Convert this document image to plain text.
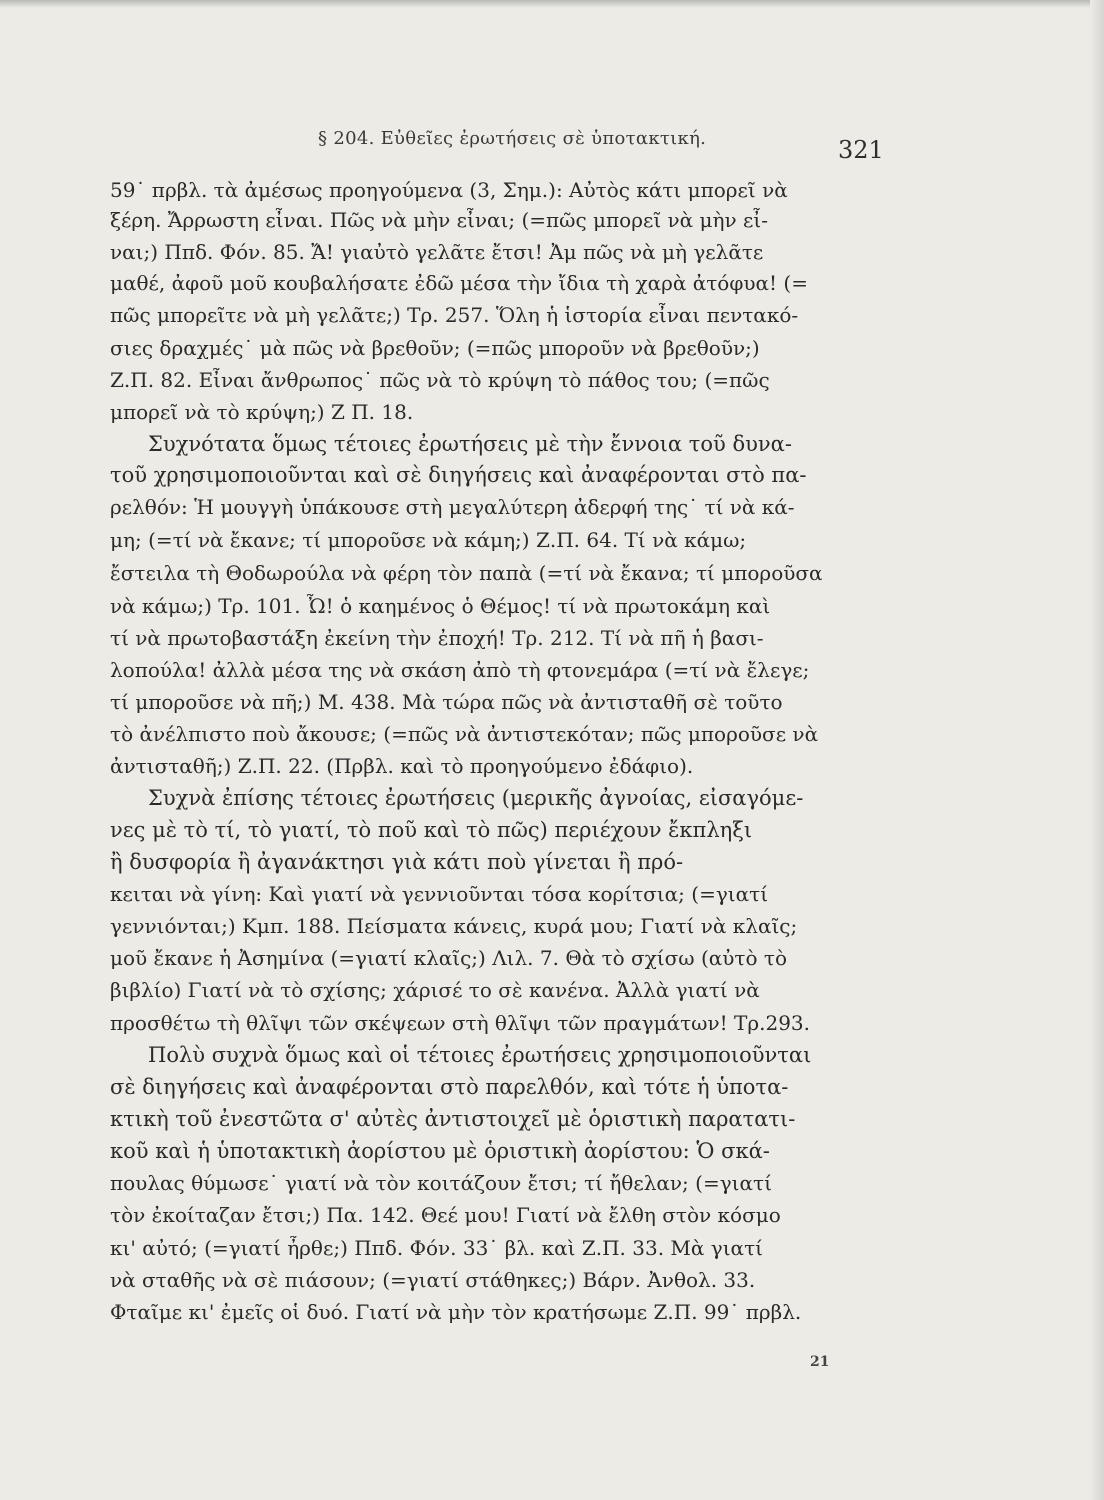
§ 204. Εὐθεῖες ἐρωτήσεις σὲ ὑποτακτική.	321
59˙ πρβλ. τὰ ἀμέσως προηγούμενα (3, Σημ.): Αὐτὸς κάτι μπορεῖ νὰ
ξέρη. Ἄρρωστη εἶναι. Πῶς νὰ μὴν εἶναι; (=πῶς μπορεῖ νὰ μὴν εἶ-
ναι;) Ππδ. Φόν. 85. Ἄ! γιαὐτὸ γελᾶτε ἔτσι! Ἀμ πῶς νὰ μὴ γελᾶτε
μαθέ, ἀφοῦ μοῦ κουβαλήσατε ἐδῶ μέσα τὴν ἴδια τὴ χαρὰ ἀτόφυα! (=
πῶς μπορεῖτε νὰ μὴ γελᾶτε;) Τρ. 257. Ὅλη ἡ ἱστορία εἶναι πεντακό-
σιες δραχμές˙ μὰ πῶς νὰ βρεθοῦν; (=πῶς μποροῦν νὰ βρεθοῦν;)
Ζ.Π. 82. Εἶναι ἄνθρωπος˙ πῶς νὰ τὸ κρύψη τὸ πάθος του; (=πῶς
μπορεῖ νὰ τὸ κρύψη;) Ζ Π. 18.
Συχνότατα ὅμως τέτοιες ἐρωτήσεις μὲ τὴν ἔννοια τοῦ δυνα-
τοῦ χρησιμοποιοῦνται καὶ σὲ διηγήσεις καὶ ἀναφέρονται στὸ πα-
ρελθόν: Ἡ μουγγὴ ὑπάκουσε στὴ μεγαλύτερη ἀδερφή της˙ τί νὰ κά-
μη; (=τί νὰ ἔκανε; τί μποροῦσε νὰ κάμη;) Ζ.Π. 64. Τί νὰ κάμω;
ἔστειλα τὴ Θοδωρούλα νὰ φέρη τὸν παπὰ (=τί νὰ ἔκανα; τί μποροῦσα
νὰ κάμω;) Τρ. 101. Ὦ! ὁ καημένος ὁ Θέμος! τί νὰ πρωτοκάμη καὶ
τί νὰ πρωτοβαστάξη ἐκείνη τὴν ἐποχή! Τρ. 212. Τί νὰ πῆ ἡ βασι-
λοπούλα! ἀλλὰ μέσα της νὰ σκάση ἀπὸ τὴ φτονεμάρα (=τί νὰ ἔλεγε;
τί μποροῦσε νὰ πῆ;) Μ. 438. Μὰ τώρα πῶς νὰ ἀντισταθῆ σὲ τοῦτο
τὸ ἀνέλπιστο ποὺ ἄκουσε; (=πῶς νὰ ἀντιστεκόταν; πῶς μποροῦσε νὰ
ἀντισταθῆ;) Ζ.Π. 22. (Πρβλ. καὶ τὸ προηγούμενο ἐδάφιο).
Συχνὰ ἐπίσης τέτοιες ἐρωτήσεις (μερικῆς ἀγνοίας, εἰσαγόμε-
νες μὲ τὸ τί, τὸ γιατί, τὸ ποῦ καὶ τὸ πῶς) περιέχουν ἔκπληξι
ἢ δυσφορία ἢ ἀγανάκτησι γιὰ κάτι ποὺ γίνεται ἢ πρό-
κειται νὰ γίνη: Καὶ γιατί νὰ γεννιοῦνται τόσα κορίτσια; (=γιατί
γεννιόνται;) Κμπ. 188. Πείσματα κάνεις, κυρά μου; Γιατί νὰ κλαῖς;
μοῦ ἔκανε ἡ Ἀσημίνα (=γιατί κλαῖς;) Λιλ. 7. Θὰ τὸ σχίσω (αὐτὸ τὸ
βιβλίο) Γιατί νὰ τὸ σχίσης; χάρισέ το σὲ κανένα. Ἀλλὰ γιατί νὰ
προσθέτω τὴ θλῖψι τῶν σκέψεων στὴ θλῖψι τῶν πραγμάτων! Τρ.293.
Πολὺ συχνὰ ὅμως καὶ οἱ τέτοιες ἐρωτήσεις χρησιμοποιοῦνται
σὲ διηγήσεις καὶ ἀναφέρονται στὸ παρελθόν, καὶ τότε ἡ ὑποτα-
κτικὴ τοῦ ἐνεστῶτα σ' αὐτὲς ἀντιστοιχεῖ μὲ ὁριστικὴ παρατατι-
κοῦ καὶ ἡ ὑποτακτικὴ ἀορίστου μὲ ὁριστικὴ ἀορίστου: Ὁ σκά-
πουλας θύμωσε˙ γιατί νὰ τὸν κοιτάζουν ἔτσι; τί ἤθελαν; (=γιατί
τὸν ἐκοίταζαν ἔτσι;) Πα. 142. Θεέ μου! Γιατί νὰ ἔλθη στὸν κόσμο
κι' αὐτό; (=γιατί ἦρθε;) Ππδ. Φόν. 33˙ βλ. καὶ Ζ.Π. 33. Μὰ γιατί
νὰ σταθῆς νὰ σὲ πιάσουν; (=γιατί στάθηκες;) Βάρν. Ἀνθολ. 33.
Φταῖμε κι' ἐμεῖς οἱ δυό. Γιατί νὰ μὴν τὸν κρατήσωμε Ζ.Π. 99˙ πρβλ.
21
